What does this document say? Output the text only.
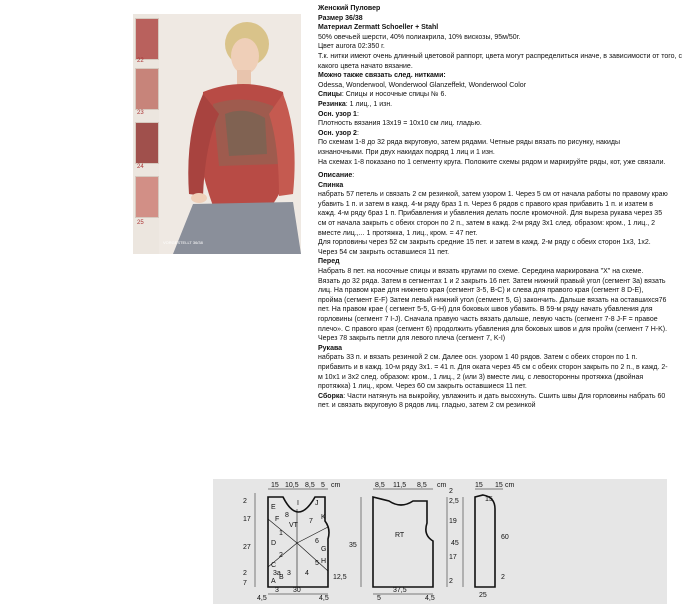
22
23
24
25
VORGESTELLT 36/38

Женский Пуловер

Размер 36/38

Материал Zermatt Schoeller + Stahl

50% овечьей шерсти, 40% полиакрила, 10% вискозы, 95м/50г.

Цвет aurora 02:350 г.

Т.к. нитки имеют очень длинный цветовой раппорт, цвета могут распределиться иначе, в зависимости от того, с какого цвета начато вязание.

Можно также связать след. нитками:

Odessa, Wonderwool, Wonderwool Glanzeffekt, Wonderwool Color

Спицы: Спицы и носочные спицы № 6.

Резинка: 1 лиц., 1 изн.

Осн. узор 1:

Плотность вязания 13х19 = 10х10 см лиц. гладью.

Осн. узор 2:

По схемам 1-8 до 32 ряда вкруговую, затем рядами. Четные ряды вязать по рисунку, накиды

изнаночными. При двух накидах подряд 1 лиц и 1 изн.

На схемах 1-8 показано по 1 сегменту круга. Положите схемы рядом и маркируйте ряды, кот, уже связали.

Описание:

Спинка

набрать 57 петель и связать 2 см резинкой, затем узором 1. Через 5 см от начала работы по правому краю

убавить 1 п. и затем в кажд. 4-м ряду 6раз 1 п. Через 6 рядов с правого края прибавить 1 п. и изатем в

кажд. 4-м ряду 6раз 1 п. Прибавления и убавления делать после кромочной. Для выреза рукава через 35

см от начала закрыть с обеих сторон по 2 п., затем в кажд. 2-м ряду 3х1 след. образом: кром., 1 лиц., 2

вместе лиц.,... 1 протяжка, 1 лиц., кром. = 47 пет.

Для горловины через 52 см закрыть средние 15 пет. и затем в кажд. 2-м ряду с обеих сторон 1х3, 1х2.

Через 54 см закрыть оставшиеся 11 пет.

Перед

Набрать 8 пет. на носочные спицы и вязать кругами по схеме. Середина маркирована "X" на схеме.

Вязать до 32 ряда. Затем в сегментах 1 и 2 закрыть 16 пет. Затем нижний правый угол (сегмент 3а) вязать

лиц. На правом крае для нижнего края (сегмент 3-5, В-С) и слева для правого края (сегмент 8 D-E),

пройма (сегмент E-F) Затем левый нижний угол (сегмент 5, G) закончить. Дальше вязать на оставшихся76

пет. На правом крае ( сегмент 5-5, G-H) для боковых швов убавить. В 59-м ряду начать убавления для

горловины (сегмент 7 I-J). Сначала правую часть вязать дальше, левую часть (сегмент 7-8 J-F = правое

плечо». С правого края (сегмент 6) продолжить убавления для боковых швов и для пройм (сегмент 7 H-K).

Через 78 закрыть петли для левого плеча (сегмент 7, K-I)

Рукава

набрать 33 п. и вязать резинкой 2 см. Далее осн. узором 1 40 рядов. Затем с обеих сторон по 1 п.

прибавить и в кажд. 10-м ряду 3х1. = 41 п. Для оката через 45 см с обеих сторон закрыть по 2 п., в кажд. 2-

м 10х1 и 3х2 след. образом: кром., 1 лиц., 2 (или 3) вместе лиц. с левосторонны протяжка (двойная

протяжка) 1 лиц., кром. Через 60 см закрыть оставшиеся 11 пет.

Сборка: Части натянуть на выкройку, увлажнить и дать высохнуть. Сшить швы Для горловины набрать 60

пет. и связать вкруговую 8 рядов лиц. гладью, затем 2 см резинкой

VT
RT
15 10,5 8,5 5 cm
2
17
27
2
7
E
F
I J
K
D
G
H
C
B
A
1
2
3 4
5
6
7
8
3a
30
3
12,5
4,5	4,5
8,5 11,5 8,5
2
2,5
cm
19
35
17
2
37,5
5	4,5
15 15
15
cm
45
2
60
25
